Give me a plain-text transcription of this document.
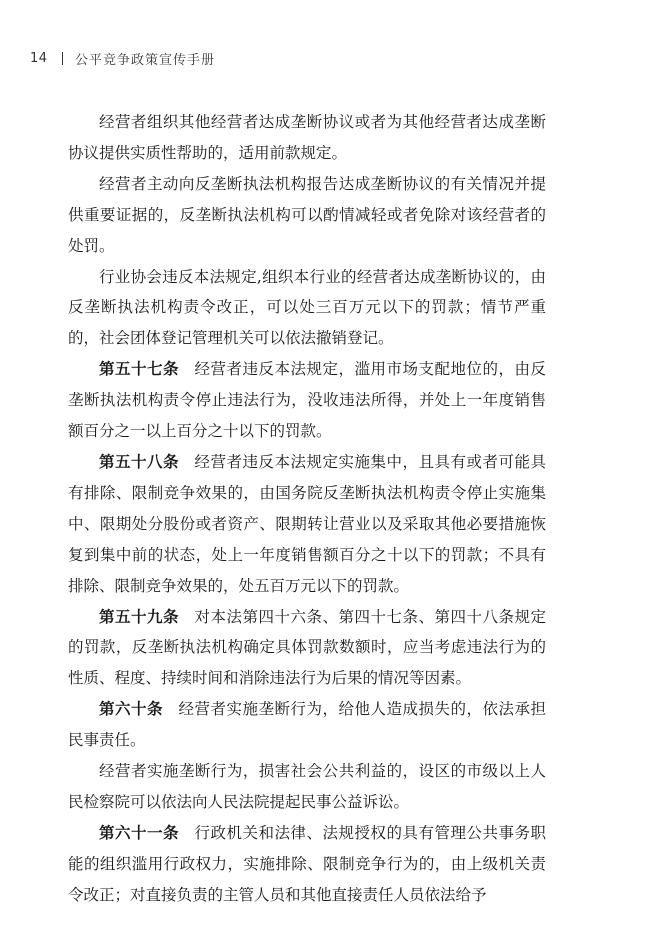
14 公平竞争政策宣传手册

经营者组织其他经营者达成垄断协议或者为其他经营者达成垄断协议提供实质性帮助的，适用前款规定。

经营者主动向反垄断执法机构报告达成垄断协议的有关情况并提供重要证据的，反垄断执法机构可以酌情减轻或者免除对该经营者的处罚。

行业协会违反本法规定,组织本行业的经营者达成垄断协议的，由反垄断执法机构责令改正，可以处三百万元以下的罚款；情节严重的，社会团体登记管理机关可以依法撤销登记。

第五十七条 经营者违反本法规定，滥用市场支配地位的，由反垄断执法机构责令停止违法行为，没收违法所得，并处上一年度销售额百分之一以上百分之十以下的罚款。

第五十八条 经营者违反本法规定实施集中，且具有或者可能具有排除、限制竞争效果的，由国务院反垄断执法机构责令停止实施集中、限期处分股份或者资产、限期转让营业以及采取其他必要措施恢复到集中前的状态，处上一年度销售额百分之十以下的罚款；不具有排除、限制竞争效果的，处五百万元以下的罚款。

第五十九条 对本法第四十六条、第四十七条、第四十八条规定的罚款，反垄断执法机构确定具体罚款数额时，应当考虑违法行为的 性质、程度、持续时间和消除违法行为后果的情况等因素。

第六十条 经营者实施垄断行为，给他人造成损失的，依法承担民事责任。

经营者实施垄断行为，损害社会公共利益的，设区的市级以上人民检察院可以依法向人民法院提起民事公益诉讼。

第六十一条 行政机关和法律、法规授权的具有管理公共事务职能的组织滥用行政权力，实施排除、限制竞争行为的，由上级机关责令改正；对直接负责的主管人员和其他直接责任人员依法给予
